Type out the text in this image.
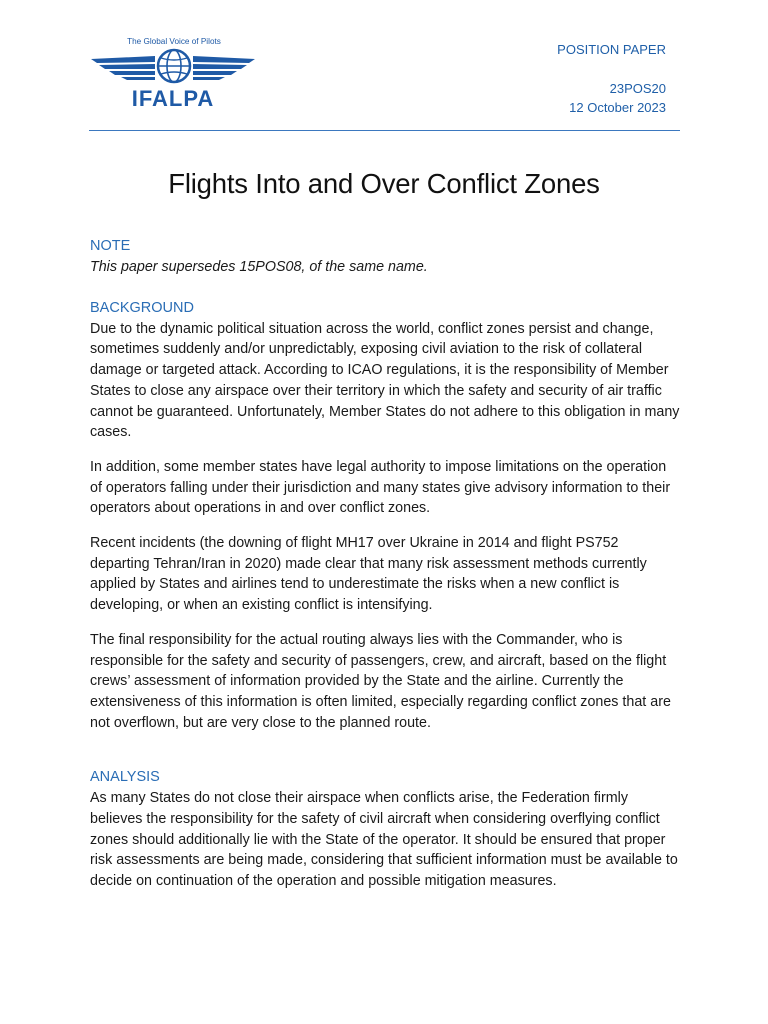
The Global Voice of Pilots
IFALPA
POSITION PAPER
23POS20
12 October 2023
Flights Into and Over Conflict Zones
NOTE

This paper supersedes 15POS08, of the same name.

BACKGROUND

Due to the dynamic political situation across the world, conflict zones persist and change, sometimes suddenly and/or unpredictably, exposing civil aviation to the risk of collateral damage or targeted attack. According to ICAO regulations, it is the responsibility of Member States to close any airspace over their territory in which the safety and security of air traffic cannot be guaranteed. Unfortunately, Member States do not adhere to this obligation in many cases.

In addition, some member states have legal authority to impose limitations on the operation of operators falling under their jurisdiction and many states give advisory information to their operators about operations in and over conflict zones.

Recent incidents (the downing of flight MH17 over Ukraine in 2014 and flight PS752 departing Tehran/Iran in 2020) made clear that many risk assessment methods currently applied by States and airlines tend to underestimate the risks when a new conflict is developing, or when an existing conflict is intensifying.

The final responsibility for the actual routing always lies with the Commander, who is responsible for the safety and security of passengers, crew, and aircraft, based on the flight crews’ assessment of information provided by the State and the airline. Currently the extensiveness of this information is often limited, especially regarding conflict zones that are not overflown, but are very close to the planned route.

ANALYSIS

As many States do not close their airspace when conflicts arise, the Federation firmly believes the responsibility for the safety of civil aircraft when considering overflying conflict zones should additionally lie with the State of the operator. It should be ensured that proper risk assessments are being made, considering that sufficient information must be available to decide on continuation of the operation and possible mitigation measures.
